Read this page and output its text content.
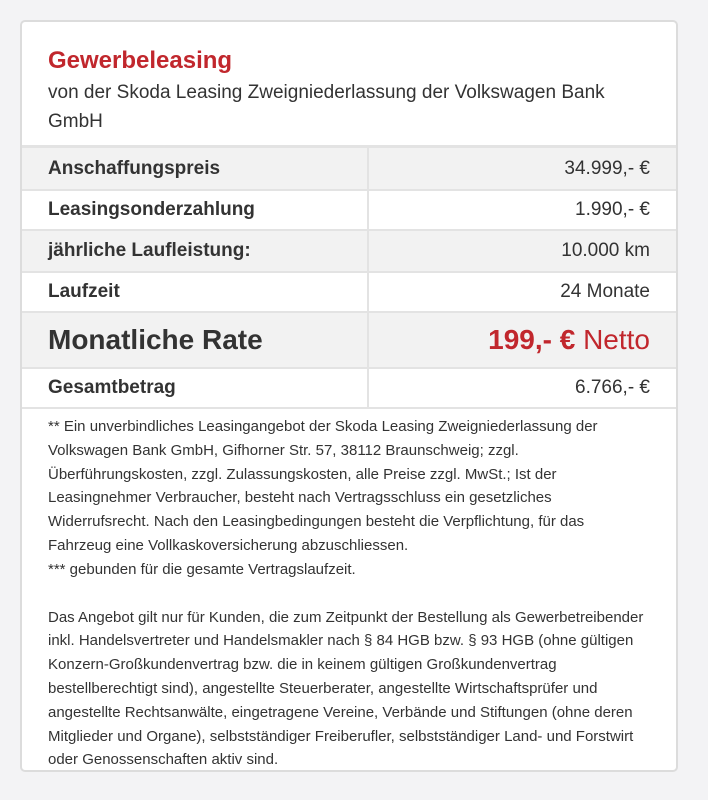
Gewerbeleasing
von der Skoda Leasing Zweigniederlassung der Volkswagen Bank GmbH
Anschaffungspreis	34.999,- €
Leasingsonderzahlung	1.990,- €
jährliche Laufleistung:	10.000 km
Laufzeit	24 Monate
Monatliche Rate	199,- € Netto
Gesamtbetrag	6.766,- €

** Ein unverbindliches Leasingangebot der Skoda Leasing Zweigniederlassung der Volkswagen Bank GmbH, Gifhorner Str. 57, 38112 Braunschweig; zzgl. Überführungskosten, zzgl. Zulassungskosten, alle Preise zzgl. MwSt.; Ist der Leasingnehmer Verbraucher, besteht nach Vertragsschluss ein gesetzliches Widerrufsrecht. Nach den Leasingbedingungen besteht die Verpflichtung, für das Fahrzeug eine Vollkaskoversicherung abzuschliessen.

*** gebunden für die gesamte Vertragslaufzeit.

Das Angebot gilt nur für Kunden, die zum Zeitpunkt der Bestellung als Gewerbetreibender inkl. Handelsvertreter und Handelsmakler nach § 84 HGB bzw. § 93 HGB (ohne gültigen Konzern-Großkundenvertrag bzw. die in keinem gültigen Großkundenvertrag bestellberechtigt sind), angestellte Steuerberater, angestellte Wirtschaftsprüfer und angestellte Rechtsanwälte, eingetragene Vereine, Verbände und Stiftungen (ohne deren Mitglieder und Organe), selbstständiger Freiberufler, selbstständiger Land- und Forstwirt oder Genossenschaften aktiv sind.
